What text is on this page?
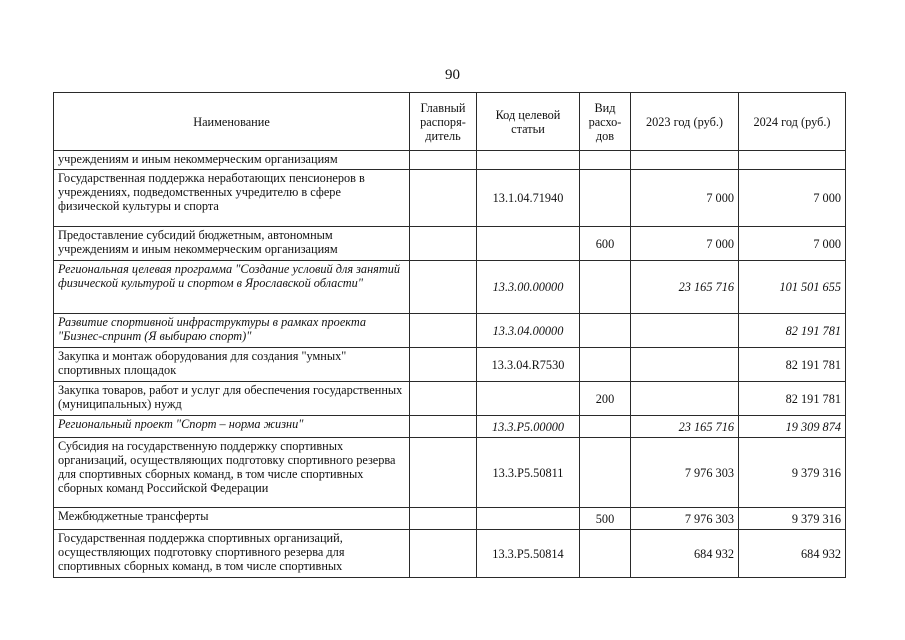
90
Наименование	Главный распоря-дитель	Код целевой статьи	Вид расхо-дов	2023 год (руб.)	2024 год (руб.)
учреждениям и иным некоммерческим организациям					
Государственная поддержка неработающих пенсионеров в учреждениях, подведомственных учредителю в сфере физической культуры и спорта		13.1.04.71940		7 000	7 000
Предоставление субсидий бюджетным, автономным учреждениям и иным некоммерческим организациям			600	7 000	7 000
Региональная целевая программа "Создание условий для занятий физической культурой и спортом в Ярославской области"		13.3.00.00000		23 165 716	101 501 655
Развитие спортивной инфраструктуры в рамках проекта "Бизнес-спринт (Я выбираю спорт)"		13.3.04.00000			82 191 781
Закупка и монтаж оборудования для создания "умных" спортивных площадок		13.3.04.R7530			82 191 781
Закупка товаров, работ и услуг для обеспечения государственных (муниципальных) нужд			200		82 191 781
Региональный проект "Спорт – норма жизни"		13.3.P5.00000		23 165 716	19 309 874
Субсидия на государственную поддержку спортивных организаций, осуществляющих подготовку спортивного резерва для спортивных сборных команд, в том числе спортивных сборных команд Российской Федерации		13.3.P5.50811		7 976 303	9 379 316
Межбюджетные трансферты			500	7 976 303	9 379 316
Государственная поддержка спортивных организаций, осуществляющих подготовку спортивного резерва для спортивных сборных команд, в том числе спортивных		13.3.P5.50814		684 932	684 932
